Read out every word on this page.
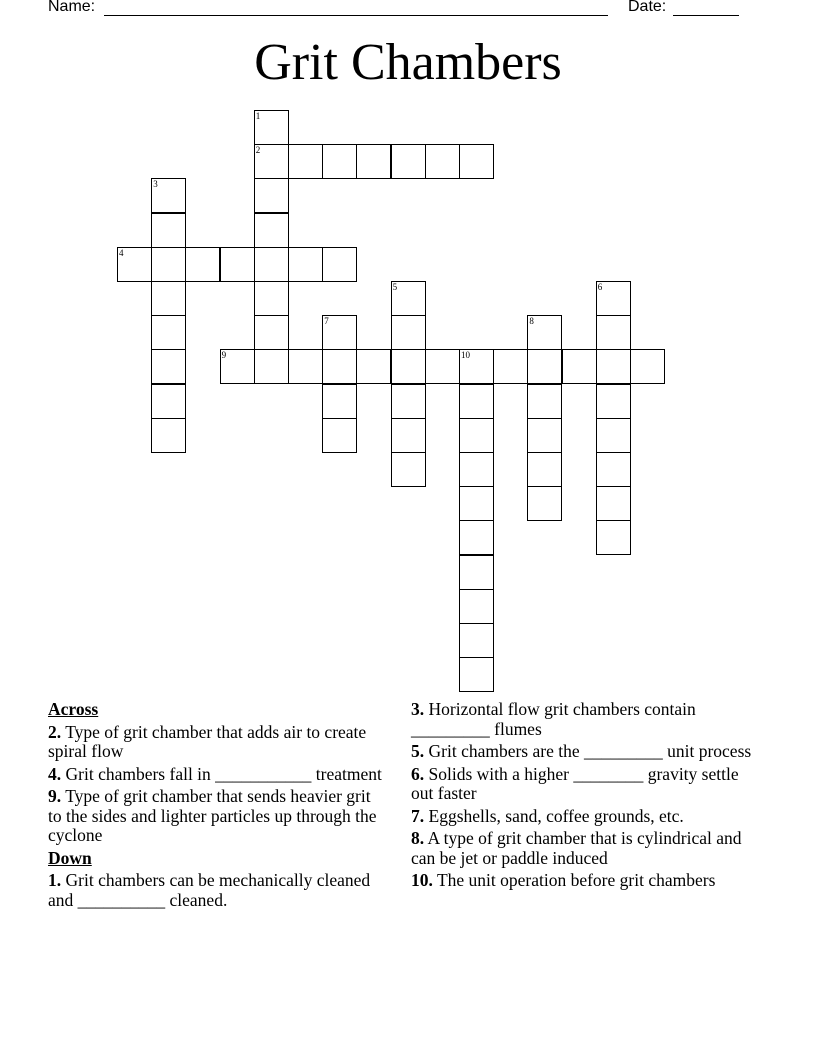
Name:	Date:
Grit Chambers
1
2
3
4
5	6
7	8
9	10
Across
2. Type of grit chamber that adds air to create spiral flow
4. Grit chambers fall in ___________ treatment
9. Type of grit chamber that sends heavier grit to the sides and lighter particles up through the cyclone
Down
1. Grit chambers can be mechanically cleaned and __________ cleaned.
3. Horizontal flow grit chambers contain _________ flumes
5. Grit chambers are the _________ unit process
6. Solids with a higher ________ gravity settle out faster
7. Eggshells, sand, coffee grounds, etc.
8. A type of grit chamber that is cylindrical and can be jet or paddle induced
10. The unit operation before grit chambers
